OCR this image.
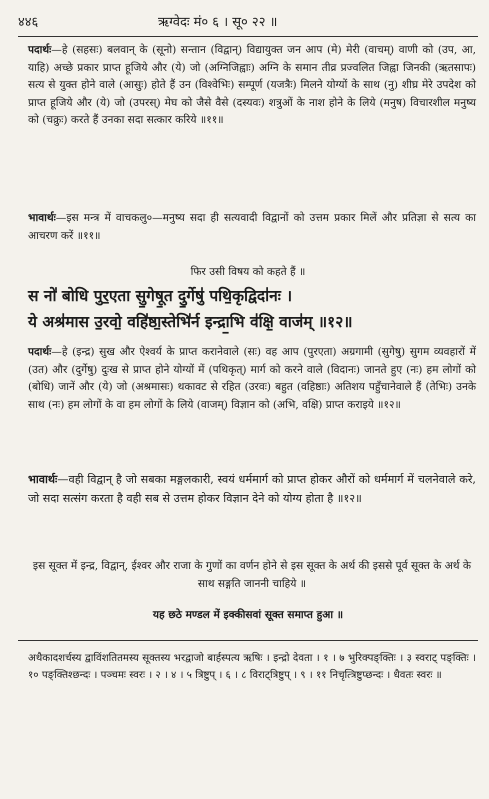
४४६	ऋग्वेदः मं० ६ । सू० २२ ॥
पदार्थः—हे (सहसः) बलवान् के (सूनो) सन्तान (विद्वान्) विद्यायुक्त जन आप (मे) मेरी (वाचम्) वाणी को (उप, आ, याहि) अच्छे प्रकार प्राप्त हूजिये और (ये) जो (अग्निजिह्वाः) अग्नि के समान तीव्र प्रज्वलित जिह्वा जिनकी (ऋतसापः) सत्य से युक्त होने वाले (आसुः) होते हैं उन (विश्वेभिः) सम्पूर्ण (यजत्रैः) मिलने योग्यों के साथ (नु) शीघ्र मेरे उपदेश को प्राप्त हूजिये और (ये) जो (उपरस्) मेघ को जैसे वैसे (दस्यवः) शत्रुओं के नाश होने के लिये (मनुष) विचारशील मनुष्य को (चक्रुः) करते हैं उनका सदा सत्कार करिये ॥११॥
भावार्थः—इस मन्त्र में वाचकलु०—मनुष्य सदा ही सत्यवादी विद्वानों को उत्तम प्रकार मिलें और प्रतिज्ञा से सत्य का आचरण करें ॥११॥
फिर उसी विषय को कहते हैं ॥
स नो॑ बोधि पुर॒एता सु॒गेषू॒त दु॒र्गेषु॑ पथि॒कृद्विदा॑नः ।
ये अश्र॑मास उ॒रवो॒ वहि॑ष्ठा॒स्तेभि॑र्न इन्द्रा॒भि व॑क्षि॒ वाज॑म् ॥१२॥
पदार्थः—हे (इन्द्र) सुख और ऐश्वर्य के प्राप्त करानेवाले (सः) वह आप (पुरएता) अग्रगामी (सुगेषु) सुगम व्यवहारों में (उत) और (दुर्गेषु) दुःख से प्राप्त होने योग्यों में (पथिकृत्) मार्ग को करने वाले (विदानः) जानते हुए (नः) हम लोगों को (बोधि) जानें और (ये) जो (अश्रमासः) थकावट से रहित (उरवः) बहुत (वहिष्ठाः) अतिशय पहुँचानेवाले हैं (तेभिः) उनके साथ (नः) हम लोगों के वा हम लोगों के लिये (वाजम्) विज्ञान को (अभि, वक्षि) प्राप्त कराइये ॥१२॥
भावार्थः—वही विद्वान् है जो सबका मङ्गलकारी, स्वयं धर्ममार्ग को प्राप्त होकर औरों को धर्ममार्ग में चलनेवाले करे, जो सदा सत्संग करता है वही सब से उत्तम होकर विज्ञान देने को योग्य होता है ॥१२॥
इस सूक्त में इन्द्र, विद्वान्, ईश्वर और राजा के गुणों का वर्णन होने से इस सूक्त के अर्थ की इससे पूर्व सूक्त के अर्थ के साथ सङ्गति जाननी चाहिये ॥
यह छठे मण्डल में इक्कीसवां सूक्त समाप्त हुआ ॥
अथैकादशर्चस्य द्वाविंशतितमस्य सूक्तस्य भरद्वाजो बार्हस्पत्य ऋषिः । इन्द्रो देवता । १ । ७ भुरिक्पङ्क्तिः । ३ स्वराट् पङ्क्तिः । १० पङ्क्तिश्छन्दः । पञ्चमः स्वरः । २ । ४ । ५ त्रिष्टुप् । ६ । ८ विराट्त्रिष्टुप् । ९ । ११ निचृत्त्रिष्टुप्छन्दः । धैवतः स्वरः ॥
